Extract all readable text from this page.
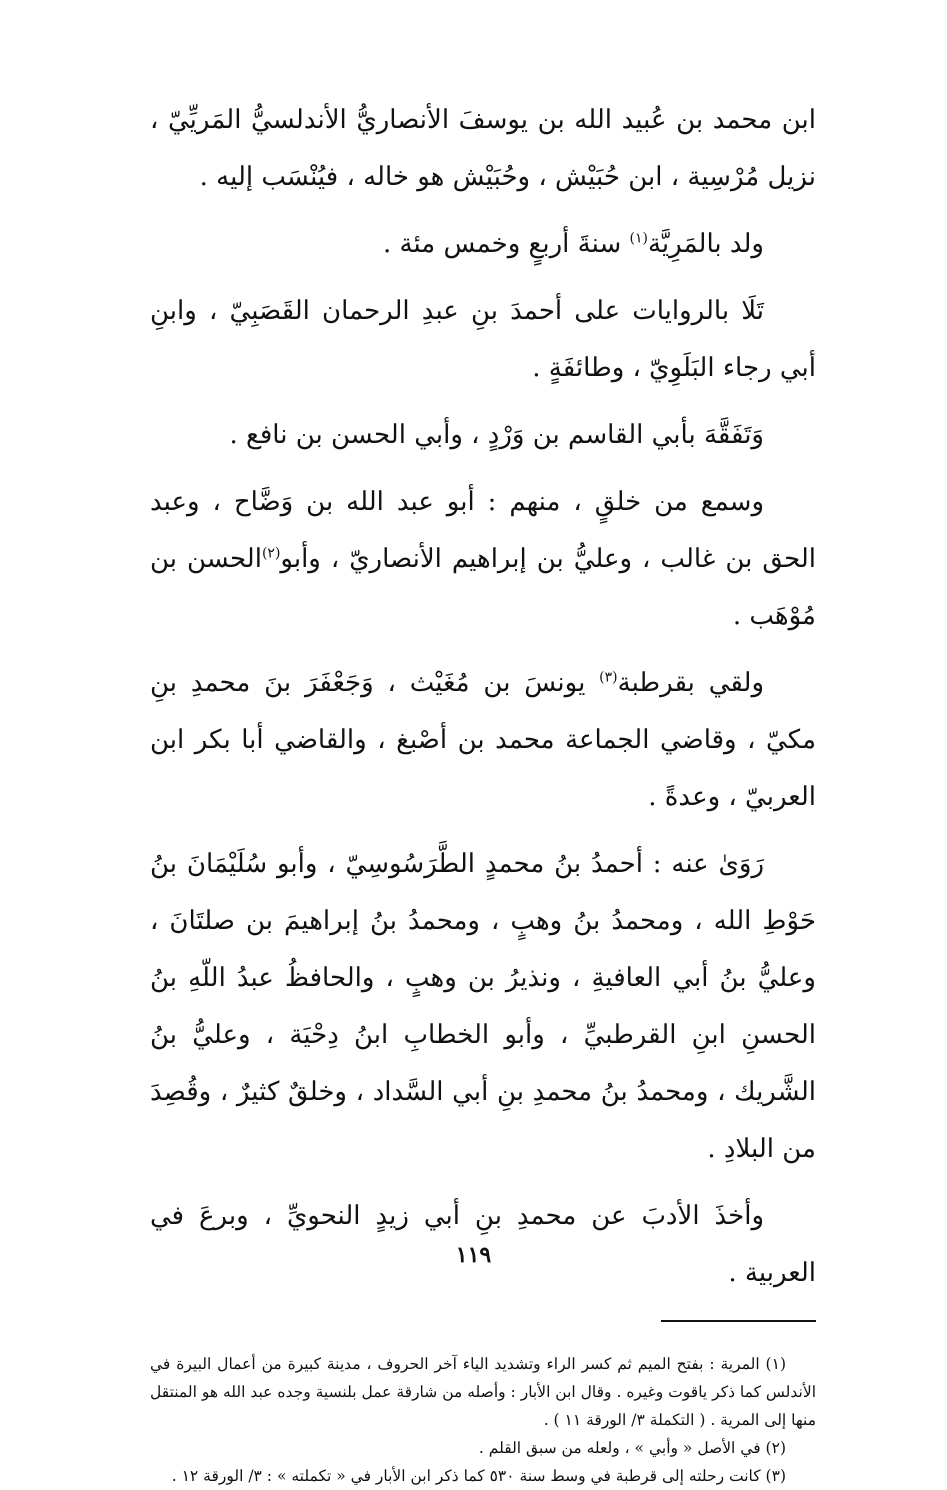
ابن محمد بن عُبيد الله بن يوسفَ الأنصاريُّ الأندلسيُّ المَريِّيّ ، نزيل مُرْسِية ، ابن حُبَيْش ، وحُبَيْش هو خاله ، فيُنْسَب إليه .

ولد بالمَرِيَّة$^{(١)}$ سنةَ أربعٍ وخمس مئة .

تَلَا بالروايات على أحمدَ بنِ عبدِ الرحمان القَصَبِيّ ، وابنِ أبي رجاء البَلَوِيّ ، وطائفَةٍ .

وَتَفَقَّهَ بأبي القاسم بن وَرْدٍ ، وأبي الحسن بن نافع .

وسمع من خلقٍ ، منهم : أبو عبد الله بن وَضَّاح ، وعبد الحق بن غالب ، وعليُّ بن إبراهيم الأنصاريّ ، وأبو$^{(٢)}$الحسن بن مُوْهَب .

ولقي بقرطبة$^{(٣)}$ يونسَ بن مُغَيْث ، وَجَعْفَرَ بنَ محمدِ بنِ مكيّ ، وقاضي الجماعة محمد بن أصْبغ ، والقاضي أبا بكر ابن العربيّ ، وعدةً .

رَوَىٰ عنه : أحمدُ بنُ محمدٍ الطَّرَسُوسِيّ ، وأبو سُلَيْمَانَ بنُ حَوْطِ الله ، ومحمدُ بنُ وهبٍ ، ومحمدُ بنُ إبراهيمَ بن صلتَانَ ، وعليُّ بنُ أبي العافيةِ ، ونذيرُ بن وهبٍ ، والحافظُ عبدُ اللّهِ بنُ الحسنِ ابنِ القرطبيِّ ، وأبو الخطابِ ابنُ دِحْيَة ، وعليُّ بنُ الشَّريك ، ومحمدُ بنُ محمدِ بنِ أبي السَّداد ، وخلقٌ كثيرٌ ، وقُصِدَ من البلادِ .

وأخذَ الأدبَ عن محمدِ بنِ أبي زيدٍ النحويِّ ، وبرعَ في العربية .

(١) المرية : بفتح الميم ثم كسر الراء وتشديد الياء آخر الحروف ، مدينة كبيرة من أعمال البيرة في الأندلس كما ذكر ياقوت وغيره . وقال ابن الأبار : وأصله من شارقة عمل بلنسية وجده عبد الله هو المنتقل منها إلى المرية . ( التكملة ٣/ الورقة ١١ ) .

(٢) في الأصل « وأبي » ، ولعله من سبق القلم .

(٣) كانت رحلته إلى قرطبة في وسط سنة ٥٣٠ كما ذكر ابن الأبار في « تكملته » : ٣/ الورقة ١٢ .

١١٩
